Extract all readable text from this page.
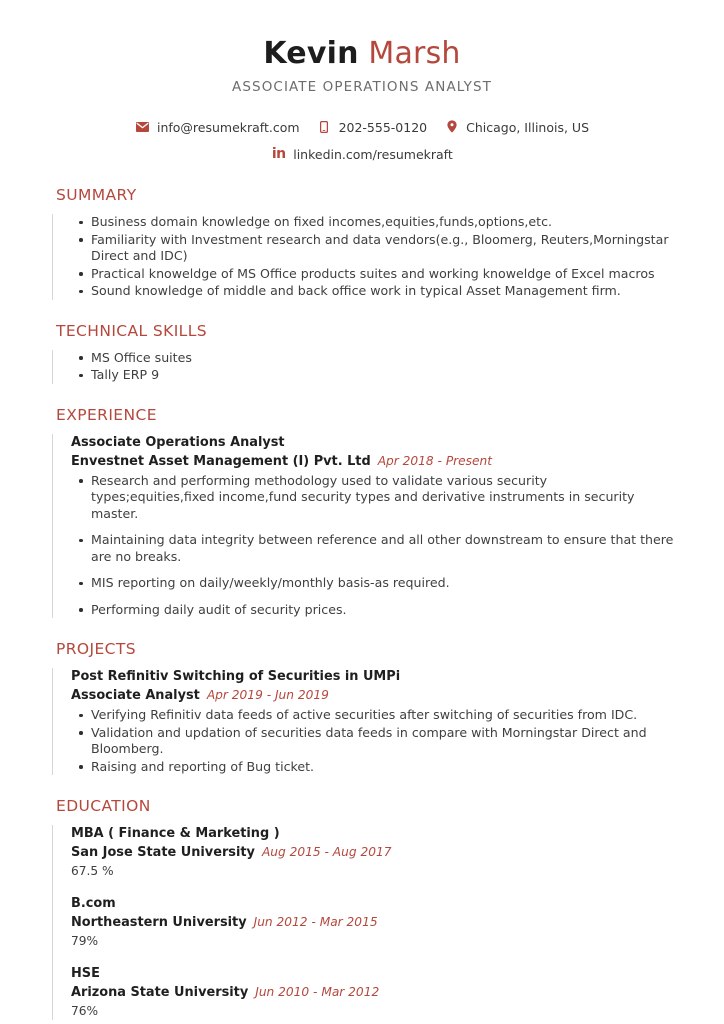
Kevin Marsh
ASSOCIATE OPERATIONS ANALYST
info@resumekraft.com	202-555-0120	Chicago, Illinois, US
in linkedin.com/resumekraft
SUMMARY
Business domain knowledge on fixed incomes,equities,funds,options,etc.
Familiarity with Investment research and data vendors(e.g., Bloomerg, Reuters,Morningstar Direct and IDC)
Practical knoweldge of MS Office products suites and working knoweldge of Excel macros
Sound knowledge of middle and back office work in typical Asset Management firm.
TECHNICAL SKILLS
MS Office suites
Tally ERP 9
EXPERIENCE
Associate Operations Analyst
Envestnet Asset Management (I) Pvt. Ltd Apr 2018 - Present
Research and performing methodology used to validate various security types;equities,fixed income,fund security types and derivative instruments in security master.
Maintaining data integrity between reference and all other downstream to ensure that there are no breaks.
MIS reporting on daily/weekly/monthly basis-as required.
Performing daily audit of security prices.
PROJECTS
Post Refinitiv Switching of Securities in UMPi
Associate Analyst Apr 2019 - Jun 2019
Verifying Refinitiv data feeds of active securities after switching of securities from IDC.
Validation and updation of securities data feeds in compare with Morningstar Direct and Bloomberg.
Raising and reporting of Bug ticket.
EDUCATION
MBA ( Finance & Marketing )
San Jose State University Aug 2015 - Aug 2017
67.5 %
B.com
Northeastern University Jun 2012 - Mar 2015
79%
HSE
Arizona State University Jun 2010 - Mar 2012
76%
